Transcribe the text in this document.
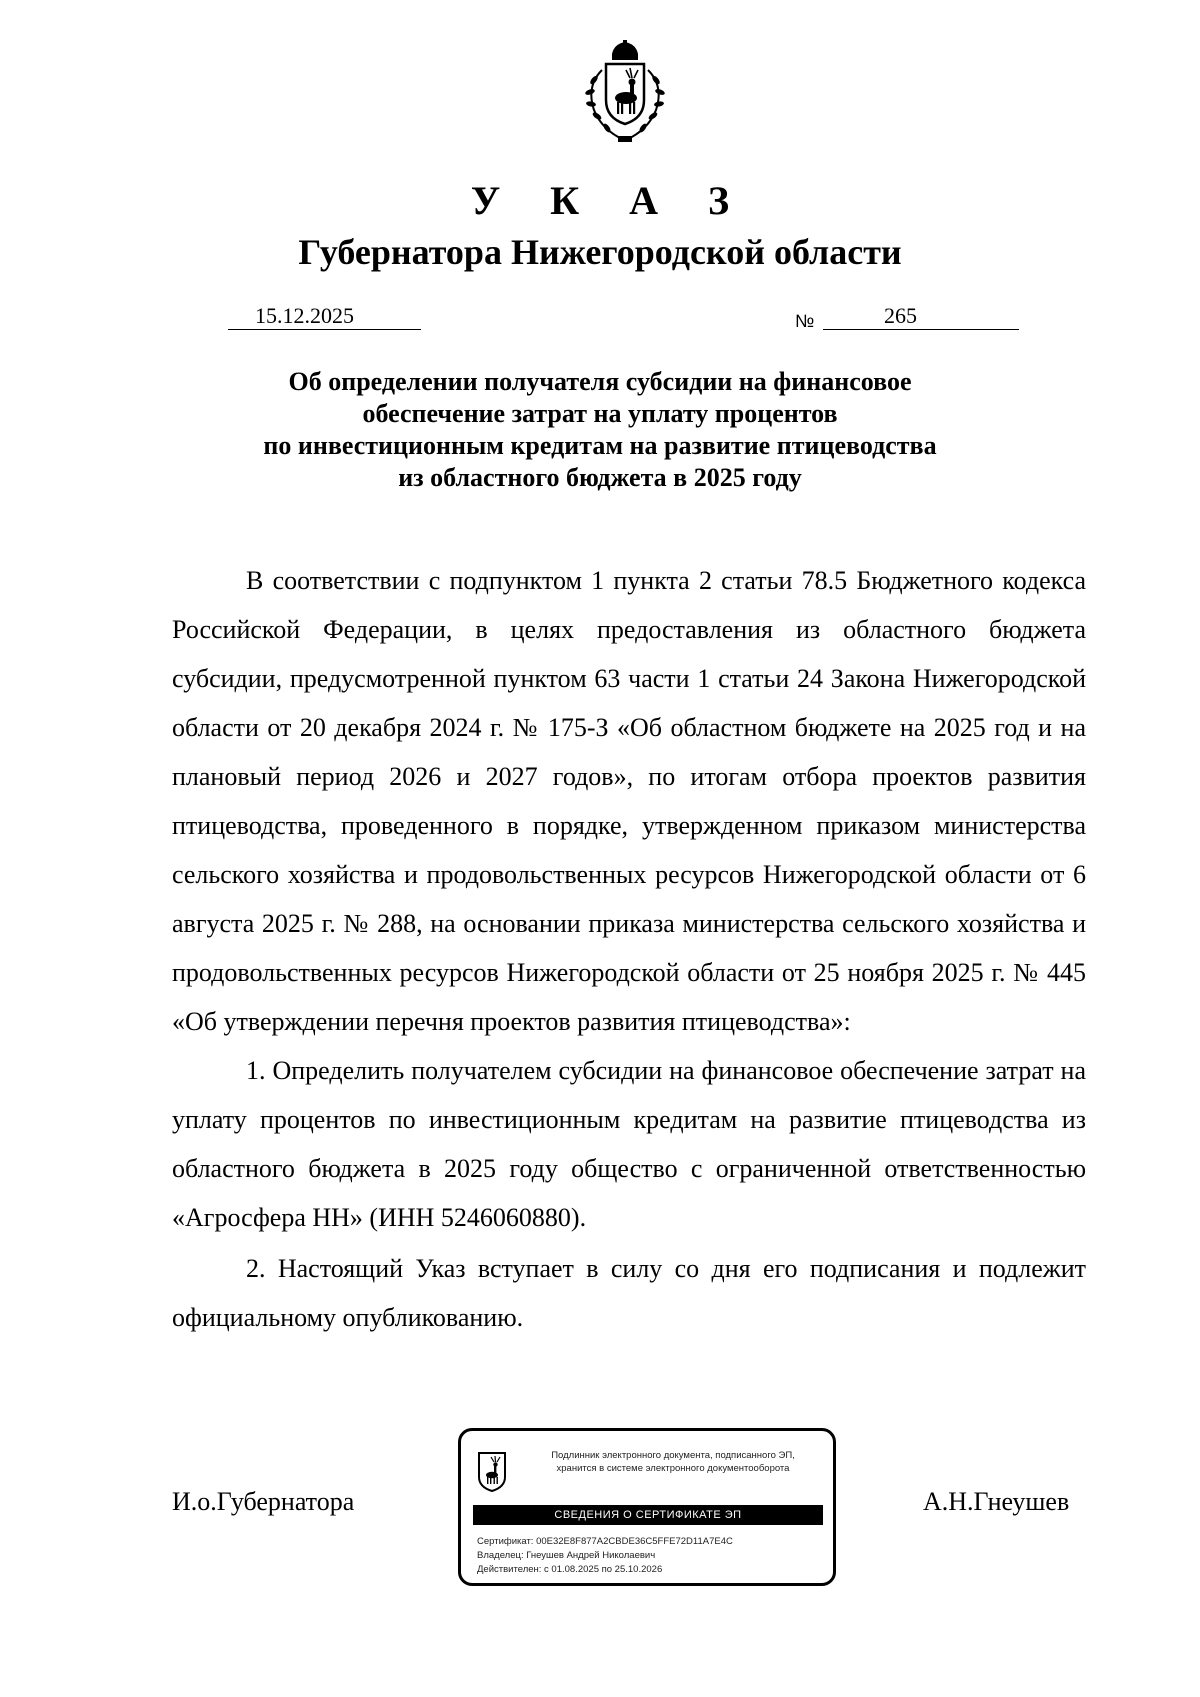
У К А З
Губернатора Нижегородской области
15.12.2025	№	265
Об определении получателя субсидии на финансовое
обеспечение затрат на уплату процентов
по инвестиционным кредитам на развитие птицеводства
из областного бюджета в 2025 году

В соответствии с подпунктом 1 пункта 2 статьи 78.5 Бюджетного кодекса Российской Федерации, в целях предоставления из областного бюджета субсидии, предусмотренной пунктом 63 части 1 статьи 24 Закона Нижегородской области от 20 декабря 2024 г. № 175-З «Об областном бюджете на 2025 год и на плановый период 2026 и 2027 годов», по итогам отбора проектов развития птицеводства, проведенного в порядке, утвержденном приказом министерства сельского хозяйства и продовольственных ресурсов Нижегородской области от 6 августа 2025 г. № 288, на основании приказа министерства сельского хозяйства и продовольственных ресурсов Нижегородской области от 25 ноября 2025 г. № 445 «Об утверждении перечня проектов развития птицеводства»:

1. Определить получателем субсидии на финансовое обеспечение затрат на уплату процентов по инвестиционным кредитам на развитие птицеводства из областного бюджета в 2025 году общество с ограниченной ответственностью «Агросфера НН» (ИНН 5246060880).

2. Настоящий Указ вступает в силу со дня его подписания и подлежит официальному опубликованию.

И.о.Губернатора	А.Н.Гнеушев
Подлинник электронного документа, подписанного ЭП,
хранится в системе электронного документооборота
СВЕДЕНИЯ О СЕРТИФИКАТЕ ЭП
Сертификат: 00E32E8F877A2CBDE36C5FFE72D11A7E4C
Владелец: Гнеушев Андрей Николаевич
Действителен: с 01.08.2025 по 25.10.2026
